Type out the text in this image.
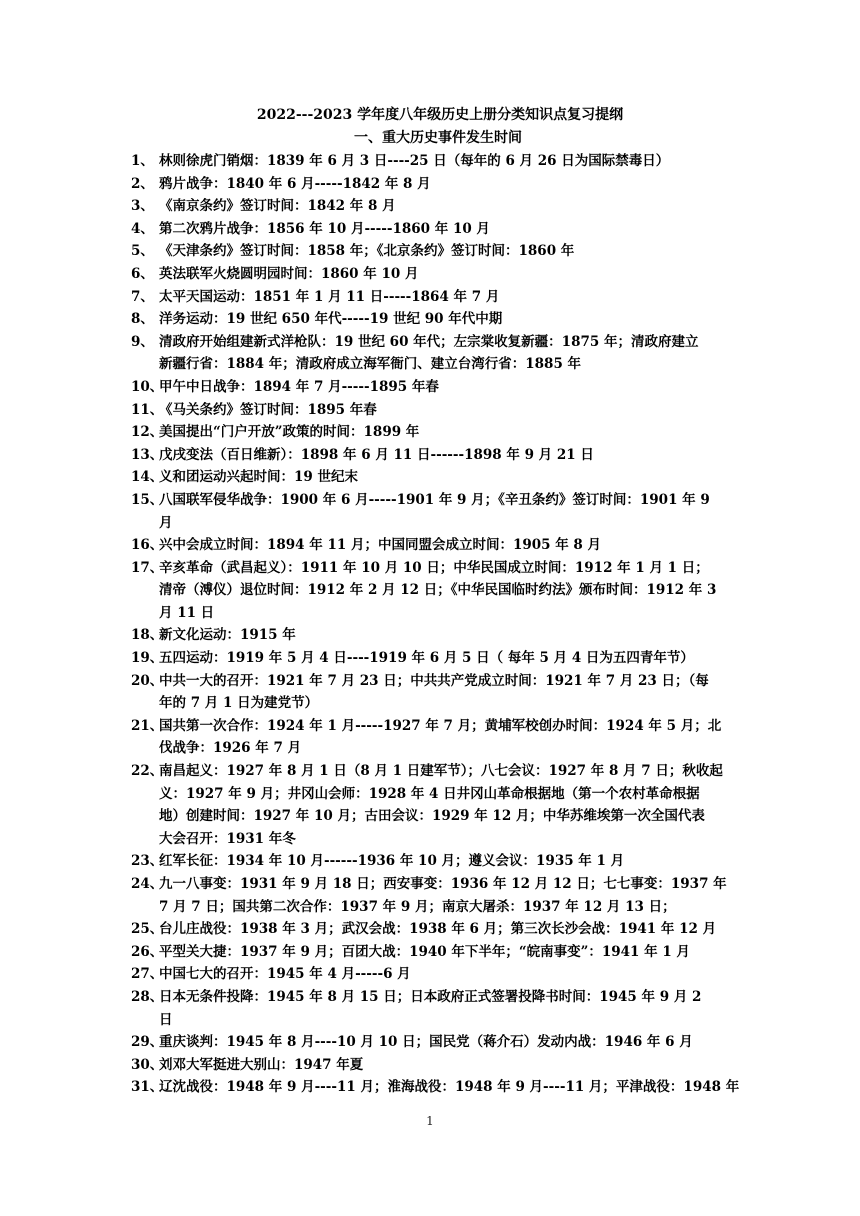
2022---2023 学年度八年级历史上册分类知识点复习提纲
一、重大历史事件发生时间
1、 林则徐虎门销烟：1839 年 6 月 3 日----25 日（每年的 6 月 26 日为国际禁毒日）
2、 鸦片战争：1840 年 6 月-----1842 年 8 月
3、 《南京条约》签订时间：1842 年 8 月
4、 第二次鸦片战争：1856 年 10 月-----1860 年 10 月
5、 《天津条约》签订时间：1858 年；《北京条约》签订时间：1860 年
6、 英法联军火烧圆明园时间：1860 年 10 月
7、 太平天国运动：1851 年 1 月 11 日-----1864 年 7 月
8、 洋务运动：19 世纪 650 年代-----19 世纪 90 年代中期
9、 清政府开始组建新式洋枪队：19 世纪 60 年代；左宗棠收复新疆：1875 年；清政府建立
新疆行省：1884 年；清政府成立海军衙门、建立台湾行省：1885 年
10、
甲午中日战争：1894 年 7 月-----1895 年春
11、
《马关条约》签订时间：1895 年春
12、
美国提出“门户开放”政策的时间：1899 年
13、
戊戌变法（百日维新）：1898 年 6 月 11 日------1898 年 9 月 21 日
14、
义和团运动兴起时间：19 世纪末
15、
八国联军侵华战争：1900 年 6 月-----1901 年 9 月；《辛丑条约》签订时间：1901 年 9
月
16、
兴中会成立时间：1894 年 11 月；中国同盟会成立时间：1905 年 8 月
17、
辛亥革命（武昌起义）：1911 年 10 月 10 日；中华民国成立时间：1912 年 1 月 1 日；
清帝（溥仪）退位时间：1912 年 2 月 12 日；《中华民国临时约法》颁布时间：1912 年 3
月 11 日
18、
新文化运动：1915 年
19、
五四运动：1919 年 5 月 4 日----1919 年 6 月 5 日（ 每年 5 月 4 日为五四青年节）
20、
中共一大的召开：1921 年 7 月 23 日；中共共产党成立时间：1921 年 7 月 23 日；（每
年的 7 月 1 日为建党节）
21、
国共第一次合作：1924 年 1 月-----1927 年 7 月；黄埔军校创办时间：1924 年 5 月；北
伐战争：1926 年 7 月
22、
南昌起义：1927 年 8 月 1 日（8 月 1 日建军节）；八七会议：1927 年 8 月 7 日；秋收起
义：1927 年 9 月；井冈山会师：1928 年 4 日井冈山革命根据地（第一个农村革命根据
地）创建时间：1927 年 10 月；古田会议：1929 年 12 月；中华苏维埃第一次全国代表
大会召开：1931 年冬
23、
红军长征：1934 年 10 月------1936 年 10 月；遵义会议：1935 年 1 月
24、
九一八事变：1931 年 9 月 18 日；西安事变：1936 年 12 月 12 日；七七事变：1937 年
7 月 7 日；国共第二次合作：1937 年 9 月；南京大屠杀：1937 年 12 月 13 日；
25、
台儿庄战役：1938 年 3 月；武汉会战：1938 年 6 月；第三次长沙会战：1941 年 12 月
26、
平型关大捷：1937 年 9 月；百团大战：1940 年下半年；“皖南事变”：1941 年 1 月
27、
中国七大的召开：1945 年 4 月-----6 月
28、
日本无条件投降：1945 年 8 月 15 日；日本政府正式签署投降书时间：1945 年 9 月 2
日
29、
重庆谈判：1945 年 8 月----10 月 10 日；国民党（蒋介石）发动内战：1946 年 6 月
30、
刘邓大军挺进大别山：1947 年夏
31、
辽沈战役：1948 年 9 月----11 月；淮海战役：1948 年 9 月----11 月；平津战役：1948 年
1
